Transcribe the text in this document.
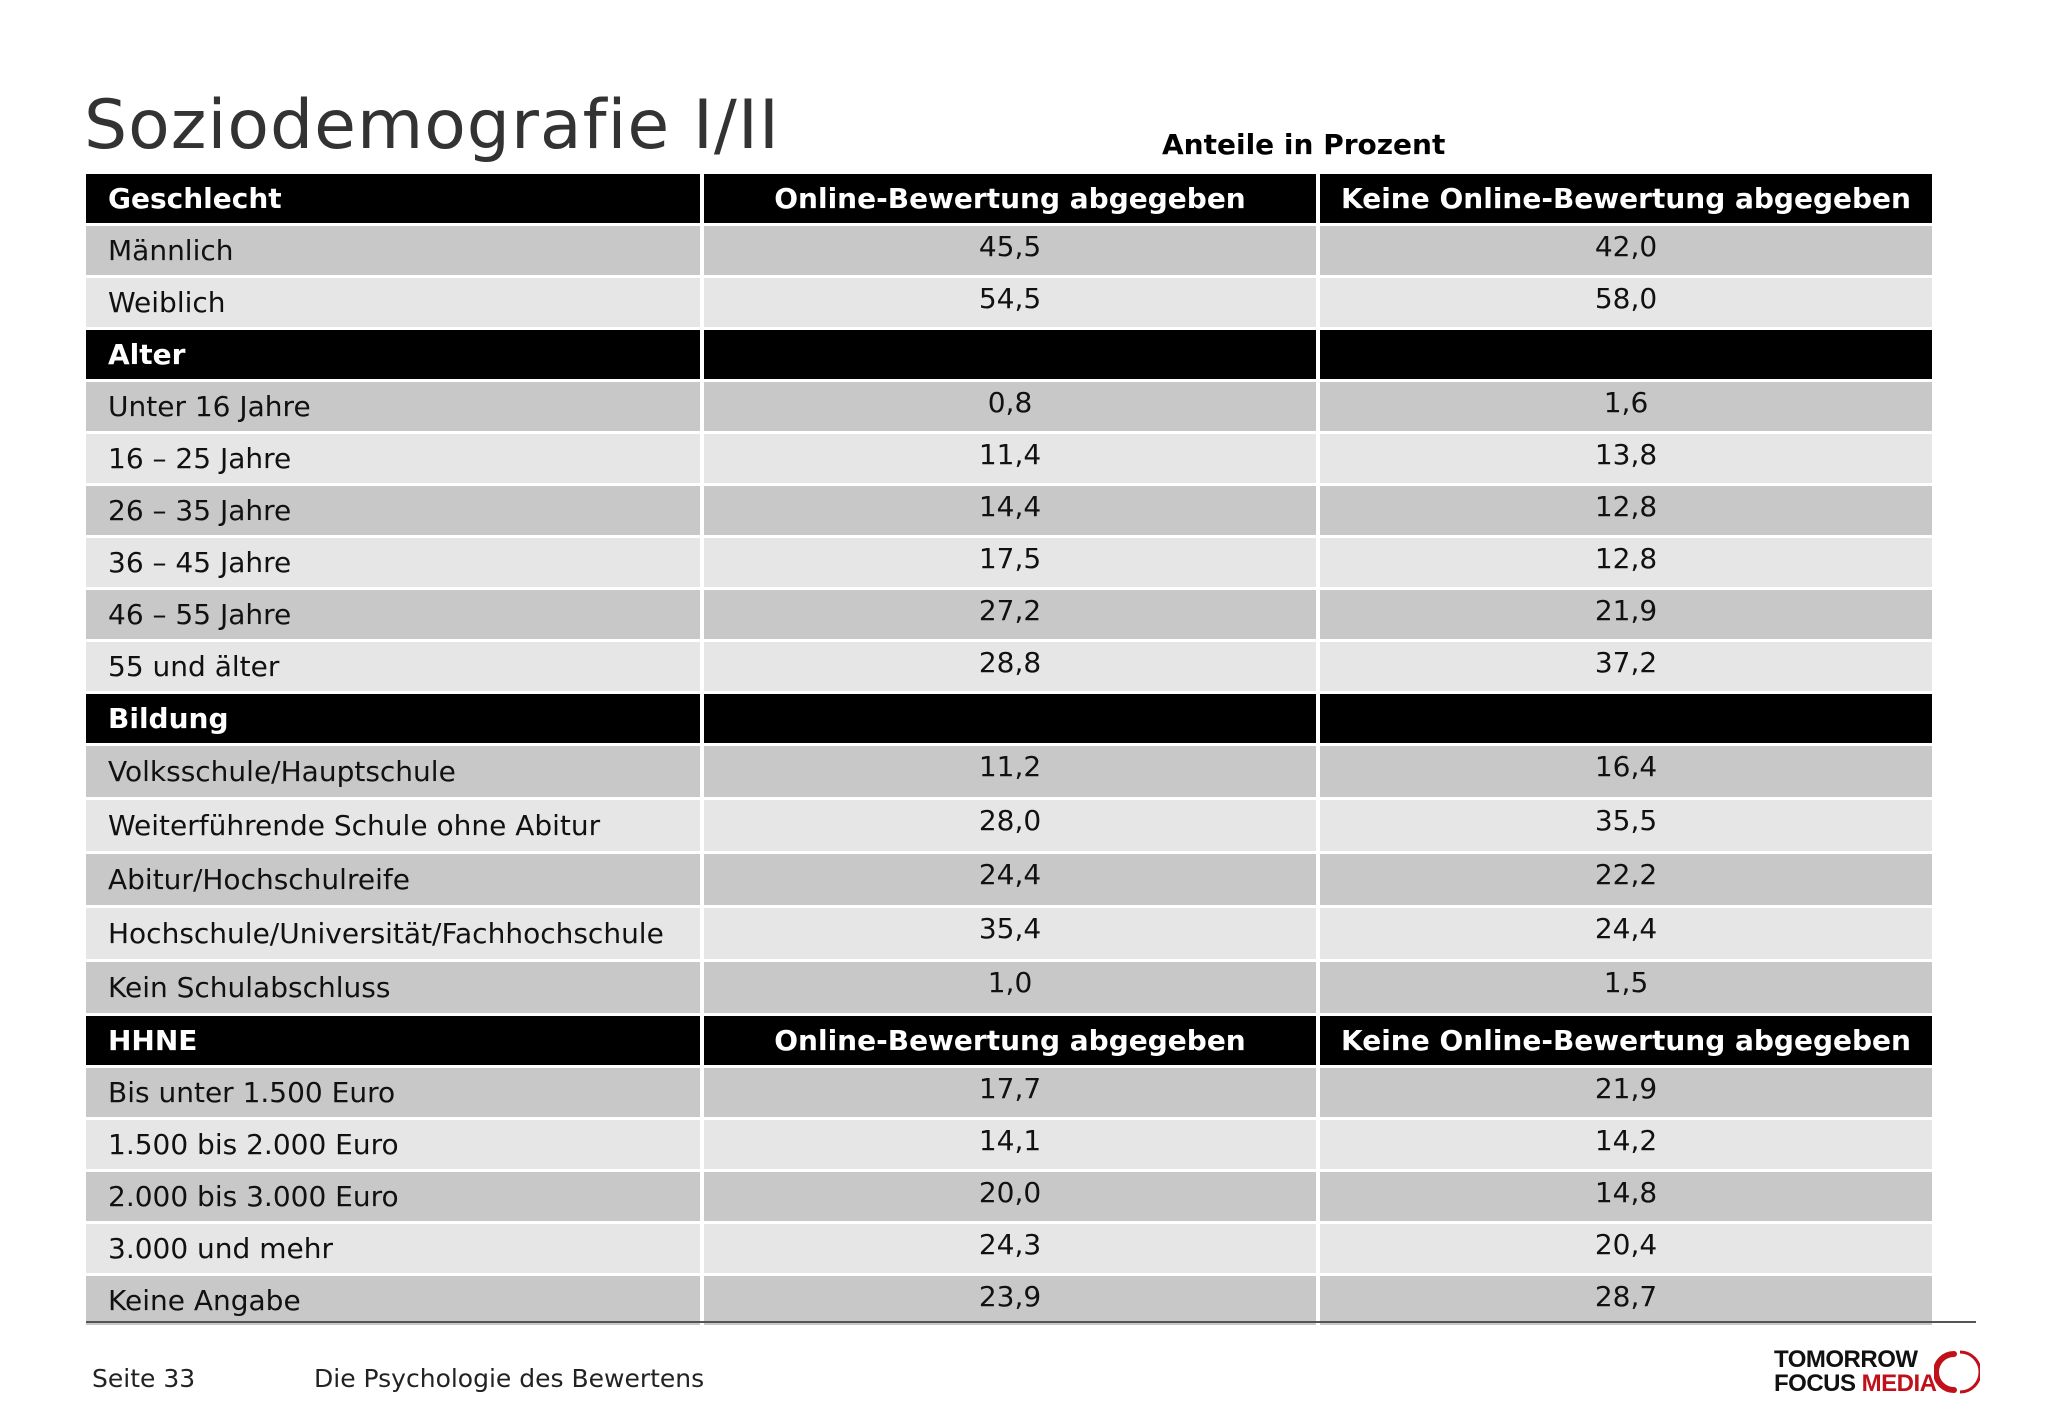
Soziodemografie I/II	Anteile in Prozent
Geschlecht	Online-Bewertung abgegeben	Keine Online-Bewertung abgegeben
Männlich	45,5	42,0
Weiblich	54,5	58,0
Alter
Unter 16 Jahre	0,8	1,6
16 – 25 Jahre	11,4	13,8
26 – 35 Jahre	14,4	12,8
36 – 45 Jahre	17,5	12,8
46 – 55 Jahre	27,2	21,9
55 und älter	28,8	37,2
Bildung
Volksschule/Hauptschule	11,2	16,4
Weiterführende Schule ohne Abitur	28,0	35,5
Abitur/Hochschulreife	24,4	22,2
Hochschule/Universität/Fachhochschule	35,4	24,4
Kein Schulabschluss	1,0	1,5
HHNE	Online-Bewertung abgegeben	Keine Online-Bewertung abgegeben
Bis unter 1.500 Euro	17,7	21,9
1.500 bis 2.000 Euro	14,1	14,2
2.000 bis 3.000 Euro	20,0	14,8
3.000 und mehr	24,3	20,4
Keine Angabe	23,9	28,7
Seite 33	Die Psychologie des Bewertens
TOMORROW
FOCUS MEDIA
